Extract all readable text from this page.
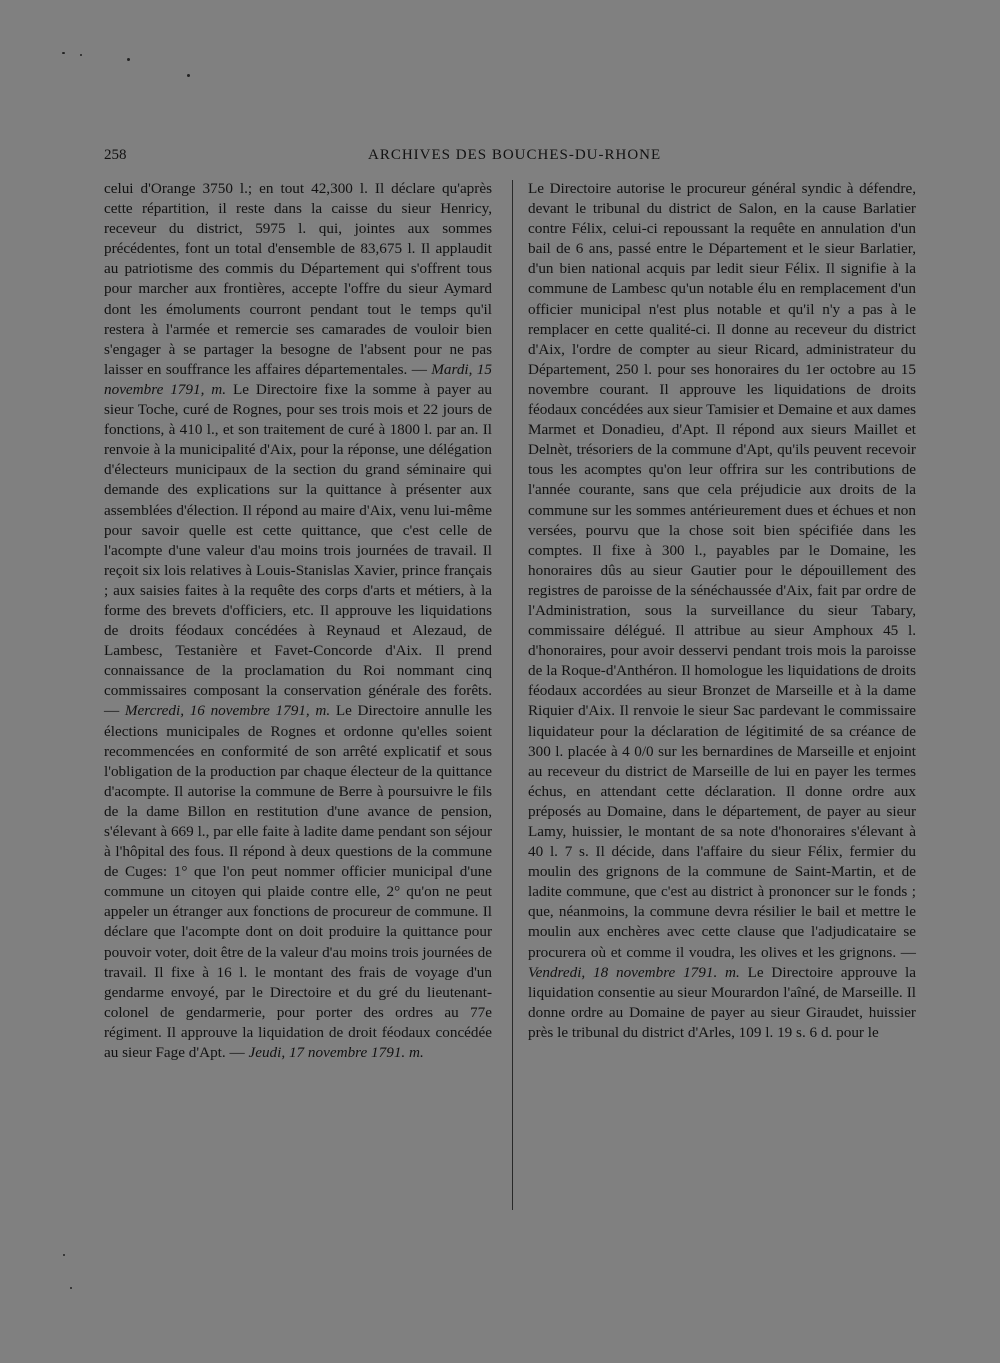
258	ARCHIVES DES BOUCHES-DU-RHONE
celui d'Orange 3750 l.; en tout 42,300 l. Il déclare qu'après cette répartition, il reste dans la caisse du sieur Henricy, receveur du district, 5975 l. qui, jointes aux sommes précédentes, font un total d'ensemble de 83,675 l. Il applaudit au patriotisme des commis du Département qui s'offrent tous pour marcher aux frontières, accepte l'offre du sieur Aymard dont les émoluments courront pendant tout le temps qu'il restera à l'armée et remercie ses camarades de vouloir bien s'engager à se partager la besogne de l'absent pour ne pas laisser en souffrance les affaires départementales. — Mardi, 15 novembre 1791, m. Le Directoire fixe la somme à payer au sieur Toche, curé de Rognes, pour ses trois mois et 22 jours de fonctions, à 410 l., et son traitement de curé à 1800 l. par an. Il renvoie à la municipalité d'Aix, pour la réponse, une délégation d'électeurs municipaux de la section du grand séminaire qui demande des explications sur la quittance à présenter aux assemblées d'élection. Il répond au maire d'Aix, venu lui-même pour savoir quelle est cette quittance, que c'est celle de l'acompte d'une valeur d'au moins trois journées de travail. Il reçoit six lois relatives à Louis-Stanislas Xavier, prince français ; aux saisies faites à la requête des corps d'arts et métiers, à la forme des brevets d'officiers, etc. Il approuve les liquidations de droits féodaux concédées à Reynaud et Alezaud, de Lambesc, Testanière et Favet-Concorde d'Aix. Il prend connaissance de la proclamation du Roi nommant cinq commissaires composant la conservation générale des forêts. — Mercredi, 16 novembre 1791, m. Le Directoire annulle les élections municipales de Rognes et ordonne qu'elles soient recommencées en conformité de son arrêté explicatif et sous l'obligation de la production par chaque électeur de la quittance d'acompte. Il autorise la commune de Berre à poursuivre le fils de la dame Billon en restitution d'une avance de pension, s'élevant à 669 l., par elle faite à ladite dame pendant son séjour à l'hôpital des fous. Il répond à deux questions de la commune de Cuges: 1° que l'on peut nommer officier municipal d'une commune un citoyen qui plaide contre elle, 2° qu'on ne peut appeler un étranger aux fonctions de procureur de commune. Il déclare que l'acompte dont on doit produire la quittance pour pouvoir voter, doit être de la valeur d'au moins trois journées de travail. Il fixe à 16 l. le montant des frais de voyage d'un gendarme envoyé, par le Directoire et du gré du lieutenant-colonel de gendarmerie, pour porter des ordres au 77e régiment. Il approuve la liquidation de droit féodaux concédée au sieur Fage d'Apt. — Jeudi, 17 novembre 1791. m.
Le Directoire autorise le procureur général syndic à défendre, devant le tribunal du district de Salon, en la cause Barlatier contre Félix, celui-ci repoussant la requête en annulation d'un bail de 6 ans, passé entre le Département et le sieur Barlatier, d'un bien national acquis par ledit sieur Félix. Il signifie à la commune de Lambesc qu'un notable élu en remplacement d'un officier municipal n'est plus notable et qu'il n'y a pas à le remplacer en cette qualité-ci. Il donne au receveur du district d'Aix, l'ordre de compter au sieur Ricard, administrateur du Département, 250 l. pour ses honoraires du 1er octobre au 15 novembre courant. Il approuve les liquidations de droits féodaux concédées aux sieur Tamisier et Demaine et aux dames Marmet et Donadieu, d'Apt. Il répond aux sieurs Maillet et Delnèt, trésoriers de la commune d'Apt, qu'ils peuvent recevoir tous les acomptes qu'on leur offrira sur les contributions de l'année courante, sans que cela préjudicie aux droits de la commune sur les sommes antérieurement dues et échues et non versées, pourvu que la chose soit bien spécifiée dans les comptes. Il fixe à 300 l., payables par le Domaine, les honoraires dûs au sieur Gautier pour le dépouillement des registres de paroisse de la sénéchaussée d'Aix, fait par ordre de l'Administration, sous la surveillance du sieur Tabary, commissaire délégué. Il attribue au sieur Amphoux 45 l. d'honoraires, pour avoir desservi pendant trois mois la paroisse de la Roque-d'Anthéron. Il homologue les liquidations de droits féodaux accordées au sieur Bronzet de Marseille et à la dame Riquier d'Aix. Il renvoie le sieur Sac pardevant le commissaire liquidateur pour la déclaration de légitimité de sa créance de 300 l. placée à 4 0/0 sur les bernardines de Marseille et enjoint au receveur du district de Marseille de lui en payer les termes échus, en attendant cette déclaration. Il donne ordre aux préposés au Domaine, dans le département, de payer au sieur Lamy, huissier, le montant de sa note d'honoraires s'élevant à 40 l. 7 s. Il décide, dans l'affaire du sieur Félix, fermier du moulin des grignons de la commune de Saint-Martin, et de ladite commune, que c'est au district à prononcer sur le fonds ; que, néanmoins, la commune devra résilier le bail et mettre le moulin aux enchères avec cette clause que l'adjudicataire se procurera où et comme il voudra, les olives et les grignons. — Vendredi, 18 novembre 1791. m. Le Directoire approuve la liquidation consentie au sieur Mourardon l'aîné, de Marseille. Il donne ordre au Domaine de payer au sieur Giraudet, huissier près le tribunal du district d'Arles, 109 l. 19 s. 6 d. pour le
